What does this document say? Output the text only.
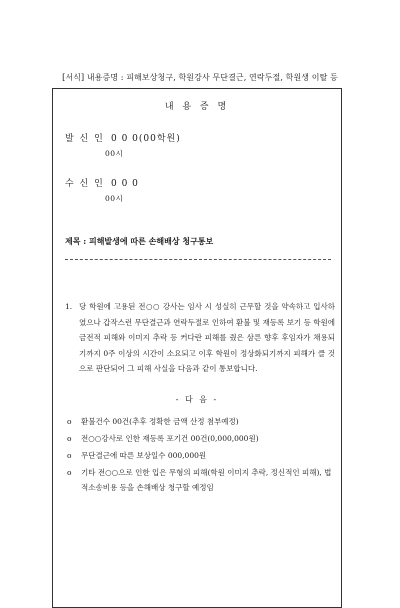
[서식] 내용증명 : 피해보상청구, 학원강사 무단결근, 연락두절, 학원생 이탈 등
내 용 증 명
발 신 인 0 0 0(00학원)
00시
수 신 인 0 0 0
00시
제목 : 피해발생에 따른 손해배상 청구통보
1. 당 학원에 고용된 전○○ 강사는 임사 시 성실히 근무할 것을 약속하고 입사하였으나 갑작스런 무단결근과 연락두절로 인하여 환불 및 재등록 보기 등 학원에 금전적 피해와 이미지 추락 등 커다란 피해를 줬은 삼른 향후 후임자가 채용되기까지 0주 이상의 시간이 소요되고 이후 학원이 정상화되기까지 피해가 클 것으로 판단되어 그 피해 사실을 다음과 같이 통보합니다.
- 다 음 -
o 환불건수 00건(추후 정확한 금액 산정 첨부예정)
o 전○○강사로 인한 재등록 포기건 00건(0,000,000원)
o 무단결근에 따른 보상일수 000,000원
o 기타 전○○으로 인한 입은 무형의 피해(학원 이미지 추락, 정신적인 피해), 법적소송비용 등을 손해배상 청구할 예정임
